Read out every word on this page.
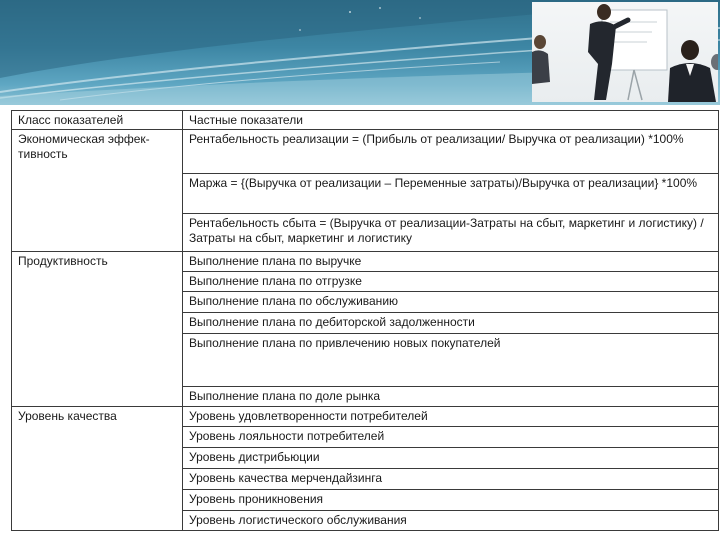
Класс показателей	Частные показатели
Экономическая эффек-тивность	Рентабельность реализации = (Прибыль от реализации/ Выручка от реализации) *100%
	Маржа = {(Выручка от реализации – Переменные затраты)/Выручка от реализации} *100%
	Рентабельность сбыта = (Выручка от реализации-Затраты на сбыт, маркетинг и логистику) / Затраты на сбыт, маркетинг и логистику
Продуктивность	Выполнение плана по выручке
	Выполнение плана по отгрузке
	Выполнение плана по обслуживанию
	Выполнение плана по дебиторской задолженности
	Выполнение плана по привлечению новых покупателей
	Выполнение плана по доле рынка
Уровень качества	Уровень удовлетворенности потребителей
	Уровень лояльности потребителей
	Уровень дистрибьюции
	Уровень качества мерчендайзинга
	Уровень проникновения
	Уровень логистического обслуживания
